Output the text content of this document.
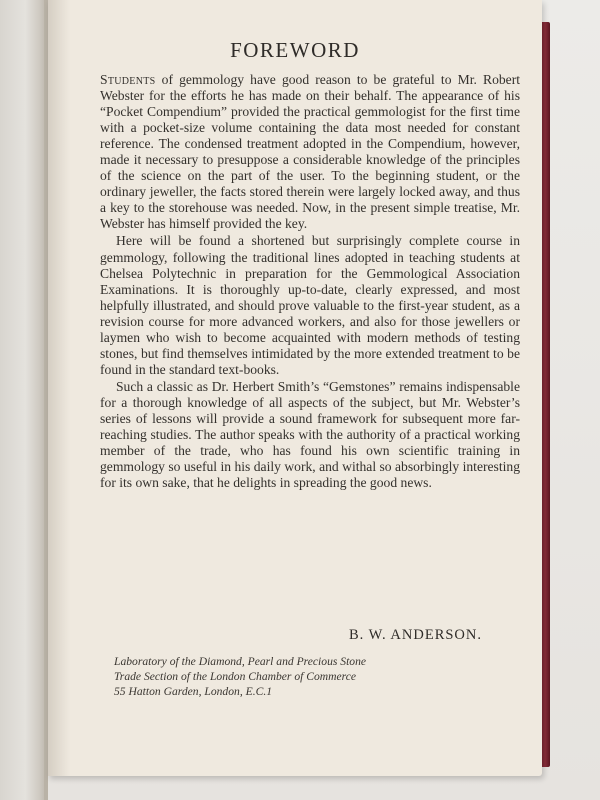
FOREWORD

Students of gemmology have good reason to be grateful to Mr. Robert Webster for the efforts he has made on their behalf. The appearance of his “Pocket Compendium” provided the practical gemmologist for the first time with a pocket-size volume containing the data most needed for constant reference. The condensed treatment adopted in the Compendium, however, made it necessary to presuppose a considerable knowledge of the principles of the science on the part of the user. To the beginning student, or the ordinary jeweller, the facts stored therein were largely locked away, and thus a key to the storehouse was needed. Now, in the present simple treatise, Mr. Webster has himself provided the key.

Here will be found a shortened but surprisingly complete course in gemmology, following the traditional lines adopted in teaching students at Chelsea Polytechnic in preparation for the Gemmological Association Examinations. It is thoroughly up-to-date, clearly expressed, and most helpfully illustrated, and should prove valuable to the first-year student, as a revision course for more advanced workers, and also for those jewellers or laymen who wish to become acquainted with modern methods of testing stones, but find themselves intimidated by the more extended treatment to be found in the standard text-books.

Such a classic as Dr. Herbert Smith’s “Gemstones” remains indispensable for a thorough knowledge of all aspects of the subject, but Mr. Webster’s series of lessons will provide a sound framework for subsequent more far-reaching studies. The author speaks with the authority of a practical working member of the trade, who has found his own scientific training in gemmology so useful in his daily work, and withal so absorbingly interesting for its own sake, that he delights in spreading the good news.

B. W. ANDERSON.
Laboratory of the Diamond, Pearl and Precious Stone
Trade Section of the London Chamber of Commerce
55 Hatton Garden, London, E.C.1
